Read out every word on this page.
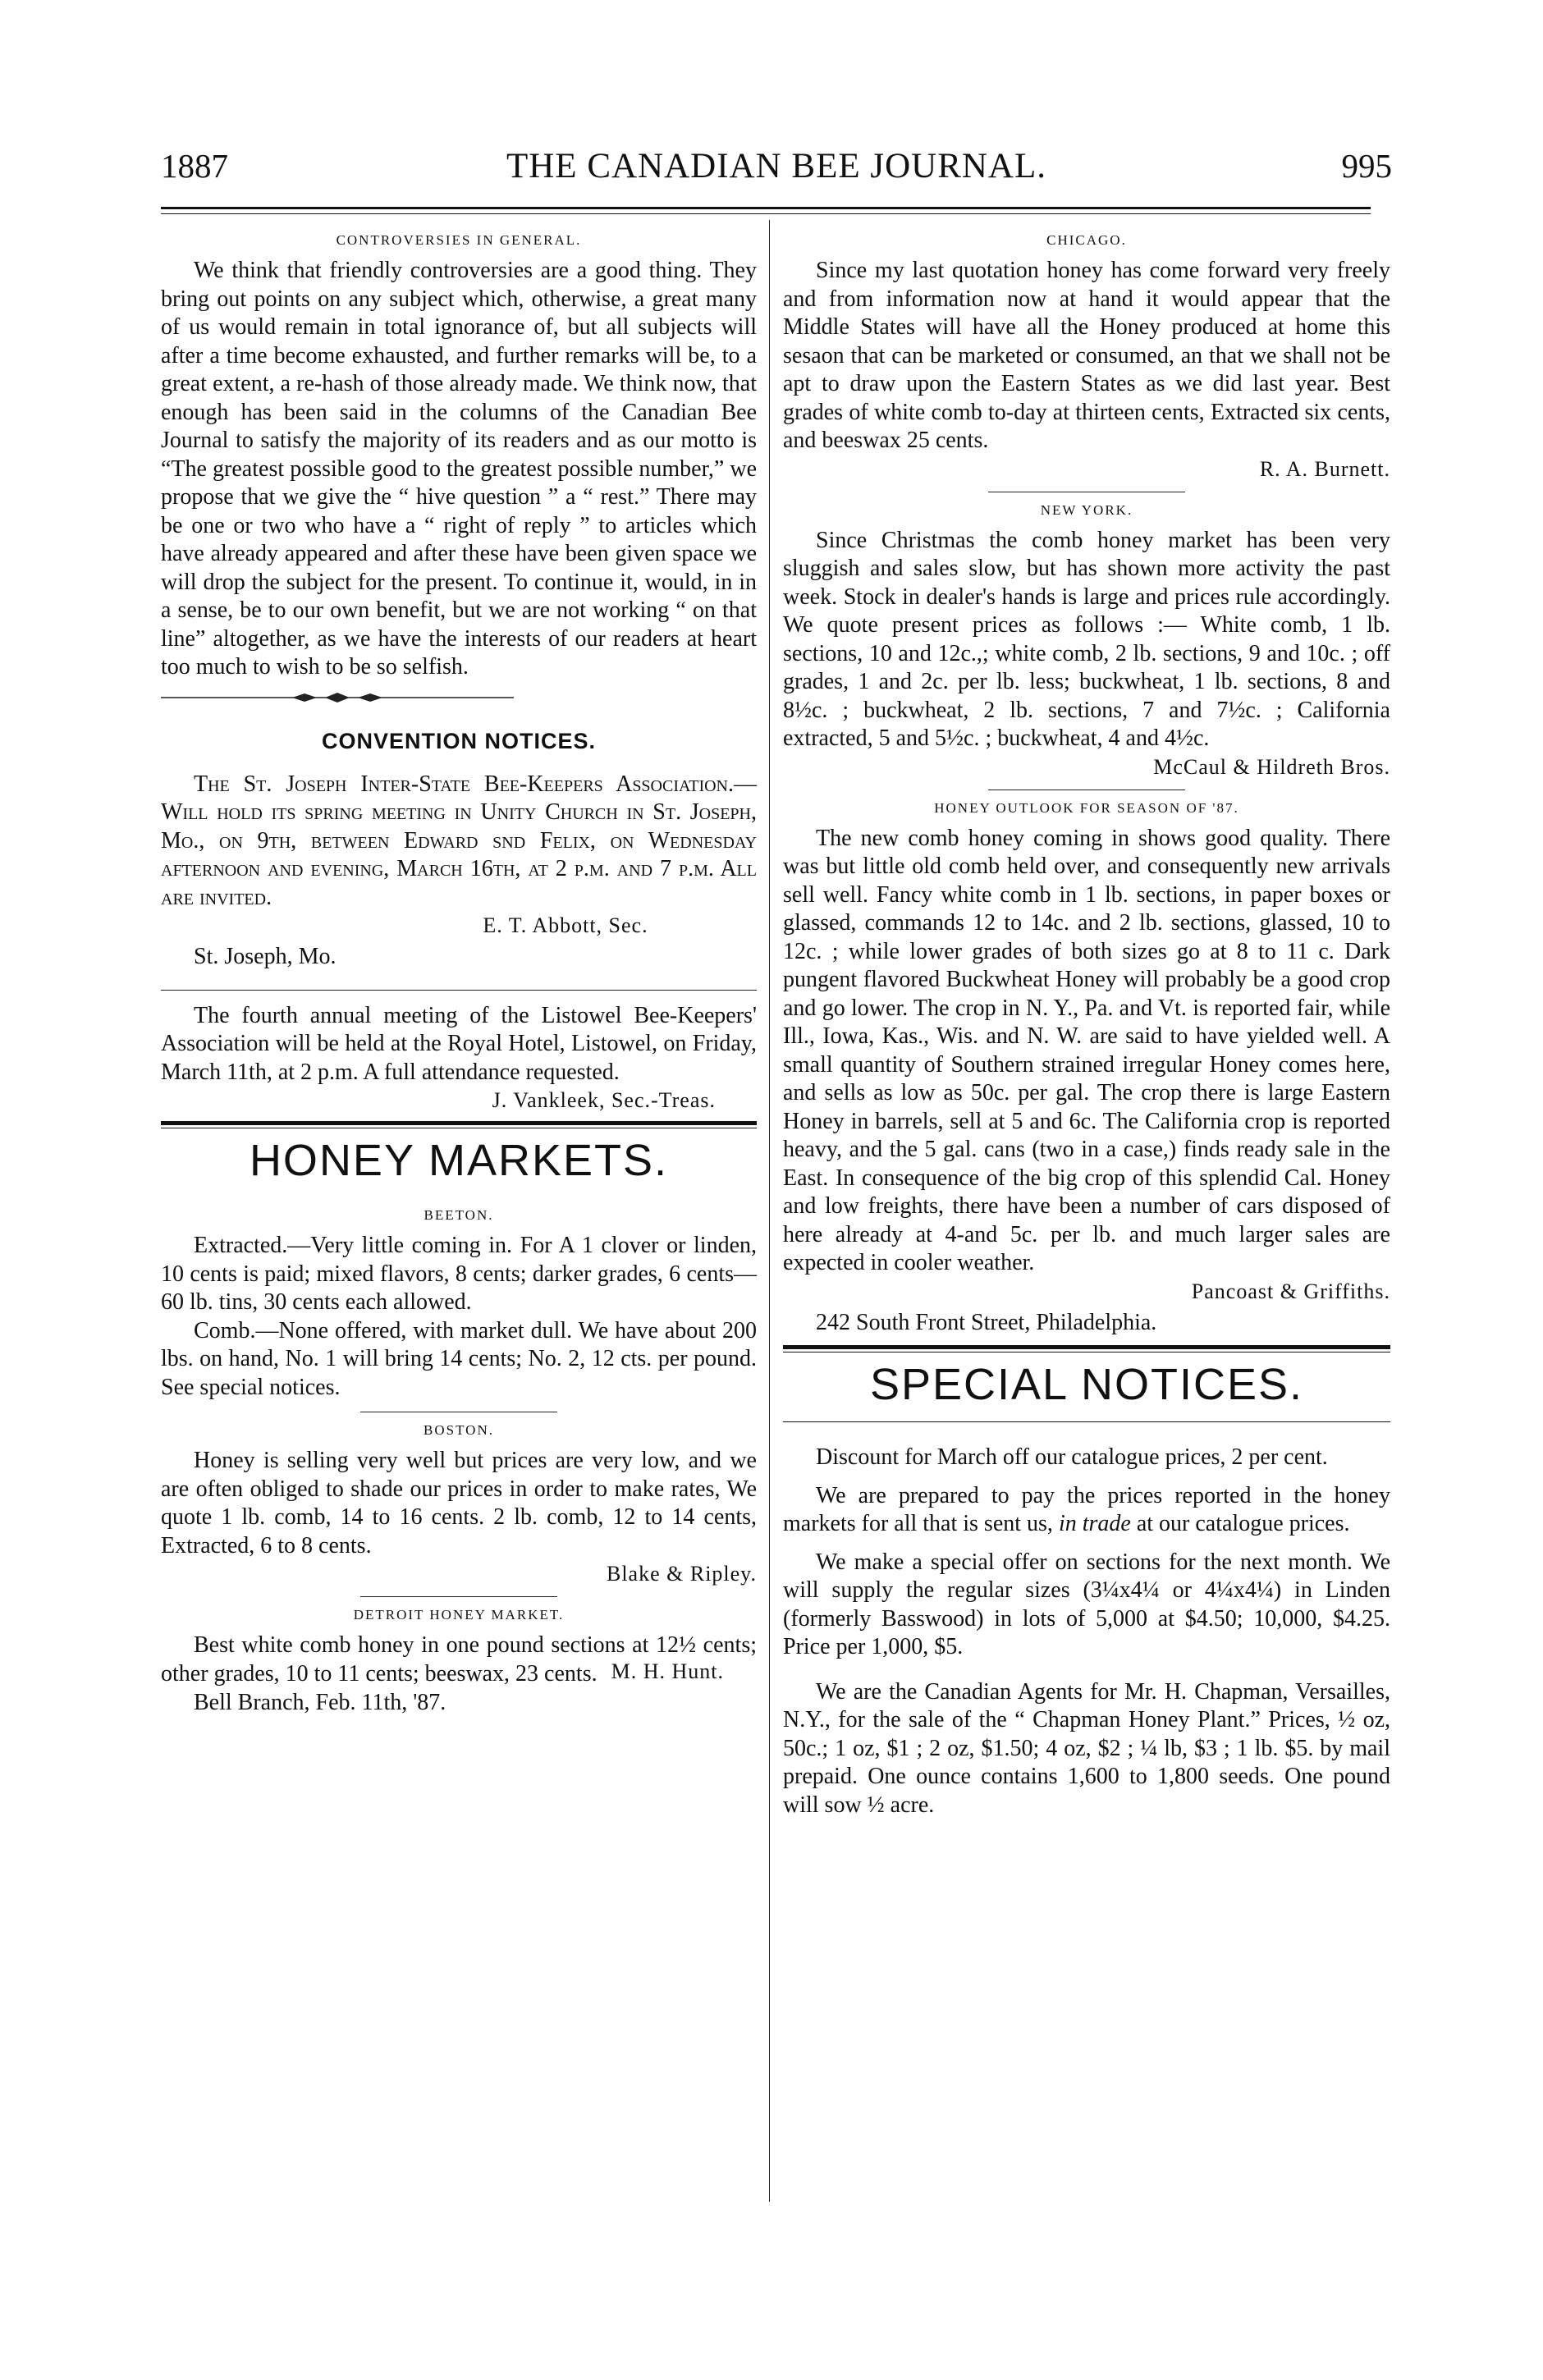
1887	THE CANADIAN BEE JOURNAL.	995

CONTROVERSIES IN GENERAL.

We think that friendly controversies are a good thing. They bring out points on any subject which, otherwise, a great many of us would remain in total ignorance of, but all subjects will after a time become exhausted, and further remarks will be, to a great extent, a re-hash of those already made. We think now, that enough has been said in the columns of the Canadian Bee Journal to satisfy the majority of its readers and as our motto is “The greatest possible good to the greatest possible number,” we propose that we give the “ hive question ” a “ rest.” There may be one or two who have a “ right of reply ” to articles which have already appeared and after these have been given space we will drop the subject for the present. To continue it, would, in in a sense, be to our own benefit, but we are not working “ on that line” altogether, as we have the interests of our readers at heart too much to wish to be so selfish.

CONVENTION NOTICES.

The St. Joseph Inter-State Bee-Keepers Association.—Will hold its spring meeting in Unity Church in St. Joseph, Mo., on 9th, between Edward snd Felix, on Wednesday afternoon and evening, March 16th, at 2 p.m. and 7 p.m. All are invited.

E. T. Abbott, Sec.

St. Joseph, Mo.

The fourth annual meeting of the Listowel Bee-Keepers' Association will be held at the Royal Hotel, Listowel, on Friday, March 11th, at 2 p.m. A full attendance requested.

J. Vankleek, Sec.-Treas.
HONEY MARKETS.

BEETON.

Extracted.—Very little coming in. For A 1 clover or linden, 10 cents is paid; mixed flavors, 8 cents; darker grades, 6 cents—60 lb. tins, 30 cents each allowed.

Comb.—None offered, with market dull. We have about 200 lbs. on hand, No. 1 will bring 14 cents; No. 2, 12 cts. per pound. See special notices.

BOSTON.

Honey is selling very well but prices are very low, and we are often obliged to shade our prices in order to make rates, We quote 1 lb. comb, 14 to 16 cents. 2 lb. comb, 12 to 14 cents, Extracted, 6 to 8 cents.

Blake & Ripley.

DETROIT HONEY MARKET.

Best white comb honey in one pound sections at 12½ cents; other grades, 10 to 11 cents; beeswax, 23 cents. M. H. Hunt.

Bell Branch, Feb. 11th, '87.

CHICAGO.

Since my last quotation honey has come forward very freely and from information now at hand it would appear that the Middle States will have all the Honey produced at home this sesaon that can be marketed or consumed, an that we shall not be apt to draw upon the Eastern States as we did last year. Best grades of white comb to-day at thirteen cents, Extracted six cents, and beeswax 25 cents.

R. A. Burnett.

NEW YORK.

Since Christmas the comb honey market has been very sluggish and sales slow, but has shown more activity the past week. Stock in dealer's hands is large and prices rule accordingly. We quote present prices as follows :— White comb, 1 lb. sections, 10 and 12c.,; white comb, 2 lb. sections, 9 and 10c. ; off grades, 1 and 2c. per lb. less; buckwheat, 1 lb. sections, 8 and 8½c. ; buckwheat, 2 lb. sections, 7 and 7½c. ; California extracted, 5 and 5½c. ; buckwheat, 4 and 4½c.

McCaul & Hildreth Bros.

HONEY OUTLOOK FOR SEASON OF '87.

The new comb honey coming in shows good quality. There was but little old comb held over, and consequently new arrivals sell well. Fancy white comb in 1 lb. sections, in paper boxes or glassed, commands 12 to 14c. and 2 lb. sections, glassed, 10 to 12c. ; while lower grades of both sizes go at 8 to 11 c. Dark pungent flavored Buckwheat Honey will probably be a good crop and go lower. The crop in N. Y., Pa. and Vt. is reported fair, while Ill., Iowa, Kas., Wis. and N. W. are said to have yielded well. A small quantity of Southern strained irregular Honey comes here, and sells as low as 50c. per gal. The crop there is large Eastern Honey in barrels, sell at 5 and 6c. The California crop is reported heavy, and the 5 gal. cans (two in a case,) finds ready sale in the East. In consequence of the big crop of this splendid Cal. Honey and low freights, there have been a number of cars disposed of here already at 4-and 5c. per lb. and much larger sales are expected in cooler weather.

Pancoast & Griffiths.

242 South Front Street, Philadelphia.

SPECIAL NOTICES.

Discount for March off our catalogue prices, 2 per cent.

We are prepared to pay the prices reported in the honey markets for all that is sent us, in trade at our catalogue prices.

We make a special offer on sections for the next month. We will supply the regular sizes (3¼x4¼ or 4¼x4¼) in Linden (formerly Basswood) in lots of 5,000 at $4.50; 10,000, $4.25. Price per 1,000, $5.

We are the Canadian Agents for Mr. H. Chapman, Versailles, N.Y., for the sale of the “ Chapman Honey Plant.” Prices, ½ oz, 50c.; 1 oz, $1 ; 2 oz, $1.50; 4 oz, $2 ; ¼ lb, $3 ; 1 lb. $5. by mail prepaid. One ounce contains 1,600 to 1,800 seeds. One pound will sow ½ acre.
